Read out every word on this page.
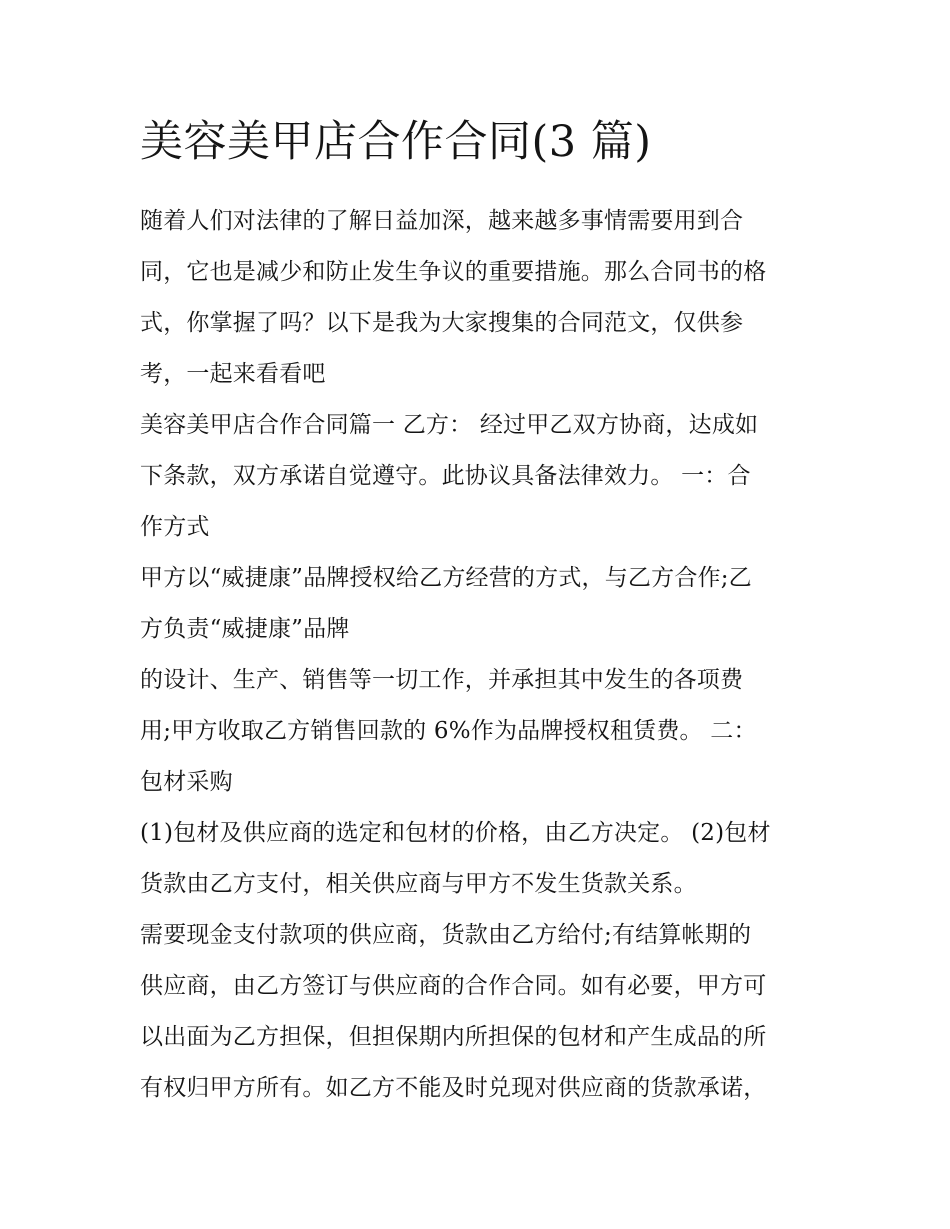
美容美甲店合作合同(3 篇)
随着人们对法律的了解日益加深，越来越多事情需要用到合
同，它也是减少和防止发生争议的重要措施。那么合同书的格
式，你掌握了吗？以下是我为大家搜集的合同范文，仅供参
考，一起来看看吧
美容美甲店合作合同篇一 乙方： 经过甲乙双方协商，达成如
下条款，双方承诺自觉遵守。此协议具备法律效力。 一：合
作方式
甲方以“威捷康”品牌授权给乙方经营的方式，与乙方合作;乙
方负责“威捷康”品牌
的设计、生产、销售等一切工作，并承担其中发生的各项费
用;甲方收取乙方销售回款的 6%作为品牌授权租赁费。 二：
包材采购
(1)包材及供应商的选定和包材的价格，由乙方决定。 (2)包材
货款由乙方支付，相关供应商与甲方不发生货款关系。
需要现金支付款项的供应商，货款由乙方给付;有结算帐期的
供应商，由乙方签订与供应商的合作合同。如有必要，甲方可
以出面为乙方担保，但担保期内所担保的包材和产生成品的所
有权归甲方所有。如乙方不能及时兑现对供应商的货款承诺，
